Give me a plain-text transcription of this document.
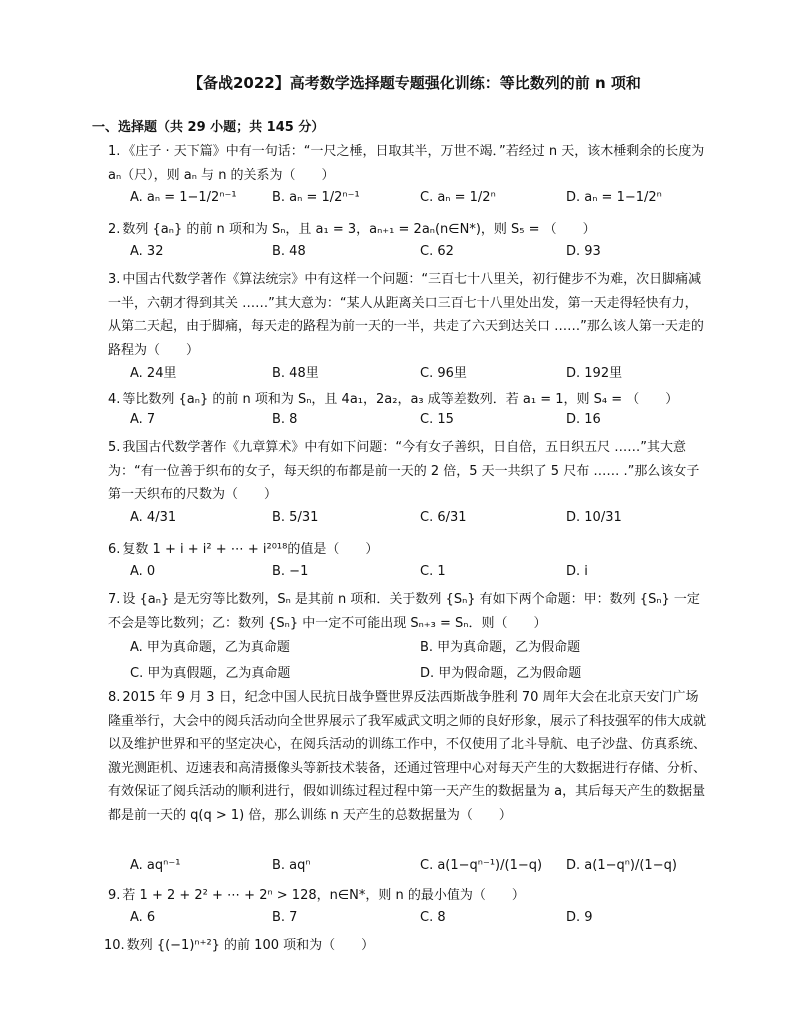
【备战2022】高考数学选择题专题强化训练：等比数列的前 n 项和
一、选择题（共 29 小题；共 145 分）
1. 《庄子 · 天下篇》中有一句话：“一尺之棰，日取其半，万世不竭．”若经过 n 天，该木棰剩余的长度为 aₙ（尺），则 aₙ 与 n 的关系为（　　）
A. aₙ = 1−1/2ⁿ⁻¹	B. aₙ = 1/2ⁿ⁻¹	C. aₙ = 1/2ⁿ	D. aₙ = 1−1/2ⁿ
2. 数列 {aₙ} 的前 n 项和为 Sₙ，且 a₁ = 3，aₙ₊₁ = 2aₙ(n∈N*)，则 S₅ = （　　）
A. 32	B. 48	C. 62	D. 93
3. 中国古代数学著作《算法统宗》中有这样一个问题：“三百七十八里关，初行健步不为难，次日脚痛减一半，六朝才得到其关 ……”其大意为：“某人从距离关口三百七十八里处出发，第一天走得轻快有力，从第二天起，由于脚痛，每天走的路程为前一天的一半，共走了六天到达关口 ……”那么该人第一天走的路程为（　　）
A. 24里	B. 48里	C. 96里	D. 192里
4. 等比数列 {aₙ} 的前 n 项和为 Sₙ，且 4a₁，2a₂，a₃ 成等差数列．若 a₁ = 1，则 S₄ = （　　）
A. 7	B. 8	C. 15	D. 16
5. 我国古代数学著作《九章算术》中有如下问题：“今有女子善织，日自倍，五日织五尺 ……”其大意为：“有一位善于织布的女子，每天织的布都是前一天的 2 倍，5 天一共织了 5 尺布 …… .”那么该女子第一天织布的尺数为（　　）
A. 4/31	B. 5/31	C. 6/31	D. 10/31
6. 复数 1 + i + i² + ⋯ + i²⁰¹⁸的值是（　　）
A. 0	B. −1	C. 1	D. i
7. 设 {aₙ} 是无穷等比数列，Sₙ 是其前 n 项和．关于数列 {Sₙ} 有如下两个命题：甲：数列 {Sₙ} 一定不会是等比数列；乙：数列 {Sₙ} 中一定不可能出现 Sₙ₊₃ = Sₙ．则（　　）
A. 甲为真命题，乙为真命题	B. 甲为真命题，乙为假命题
C. 甲为真假题，乙为真命题	D. 甲为假命题，乙为假命题
8. 2015 年 9 月 3 日，纪念中国人民抗日战争暨世界反法西斯战争胜利 70 周年大会在北京天安门广场隆重举行，大会中的阅兵活动向全世界展示了我军威武文明之师的良好形象，展示了科技强军的伟大成就以及维护世界和平的坚定决心，在阅兵活动的训练工作中，不仅使用了北斗导航、电子沙盘、仿真系统、激光测距机、迈速表和高清摄像头等新技术装备，还通过管理中心对每天产生的大数据进行存储、分析、有效保证了阅兵活动的顺利进行，假如训练过程过程中第一天产生的数据量为 a，其后每天产生的数据量都是前一天的 q(q > 1) 倍，那么训练 n 天产生的总数据量为（　　）
A. aqⁿ⁻¹	B. aqⁿ	C. a(1−qⁿ⁻¹)/(1−q) D. a(1−qⁿ)/(1−q)
9. 若 1 + 2 + 2² + ⋯ + 2ⁿ > 128，n∈N*，则 n 的最小值为（　　）
A. 6	B. 7	C. 8	D. 9
10. 数列 {(−1)ⁿ⁺²} 的前 100 项和为（　　）
